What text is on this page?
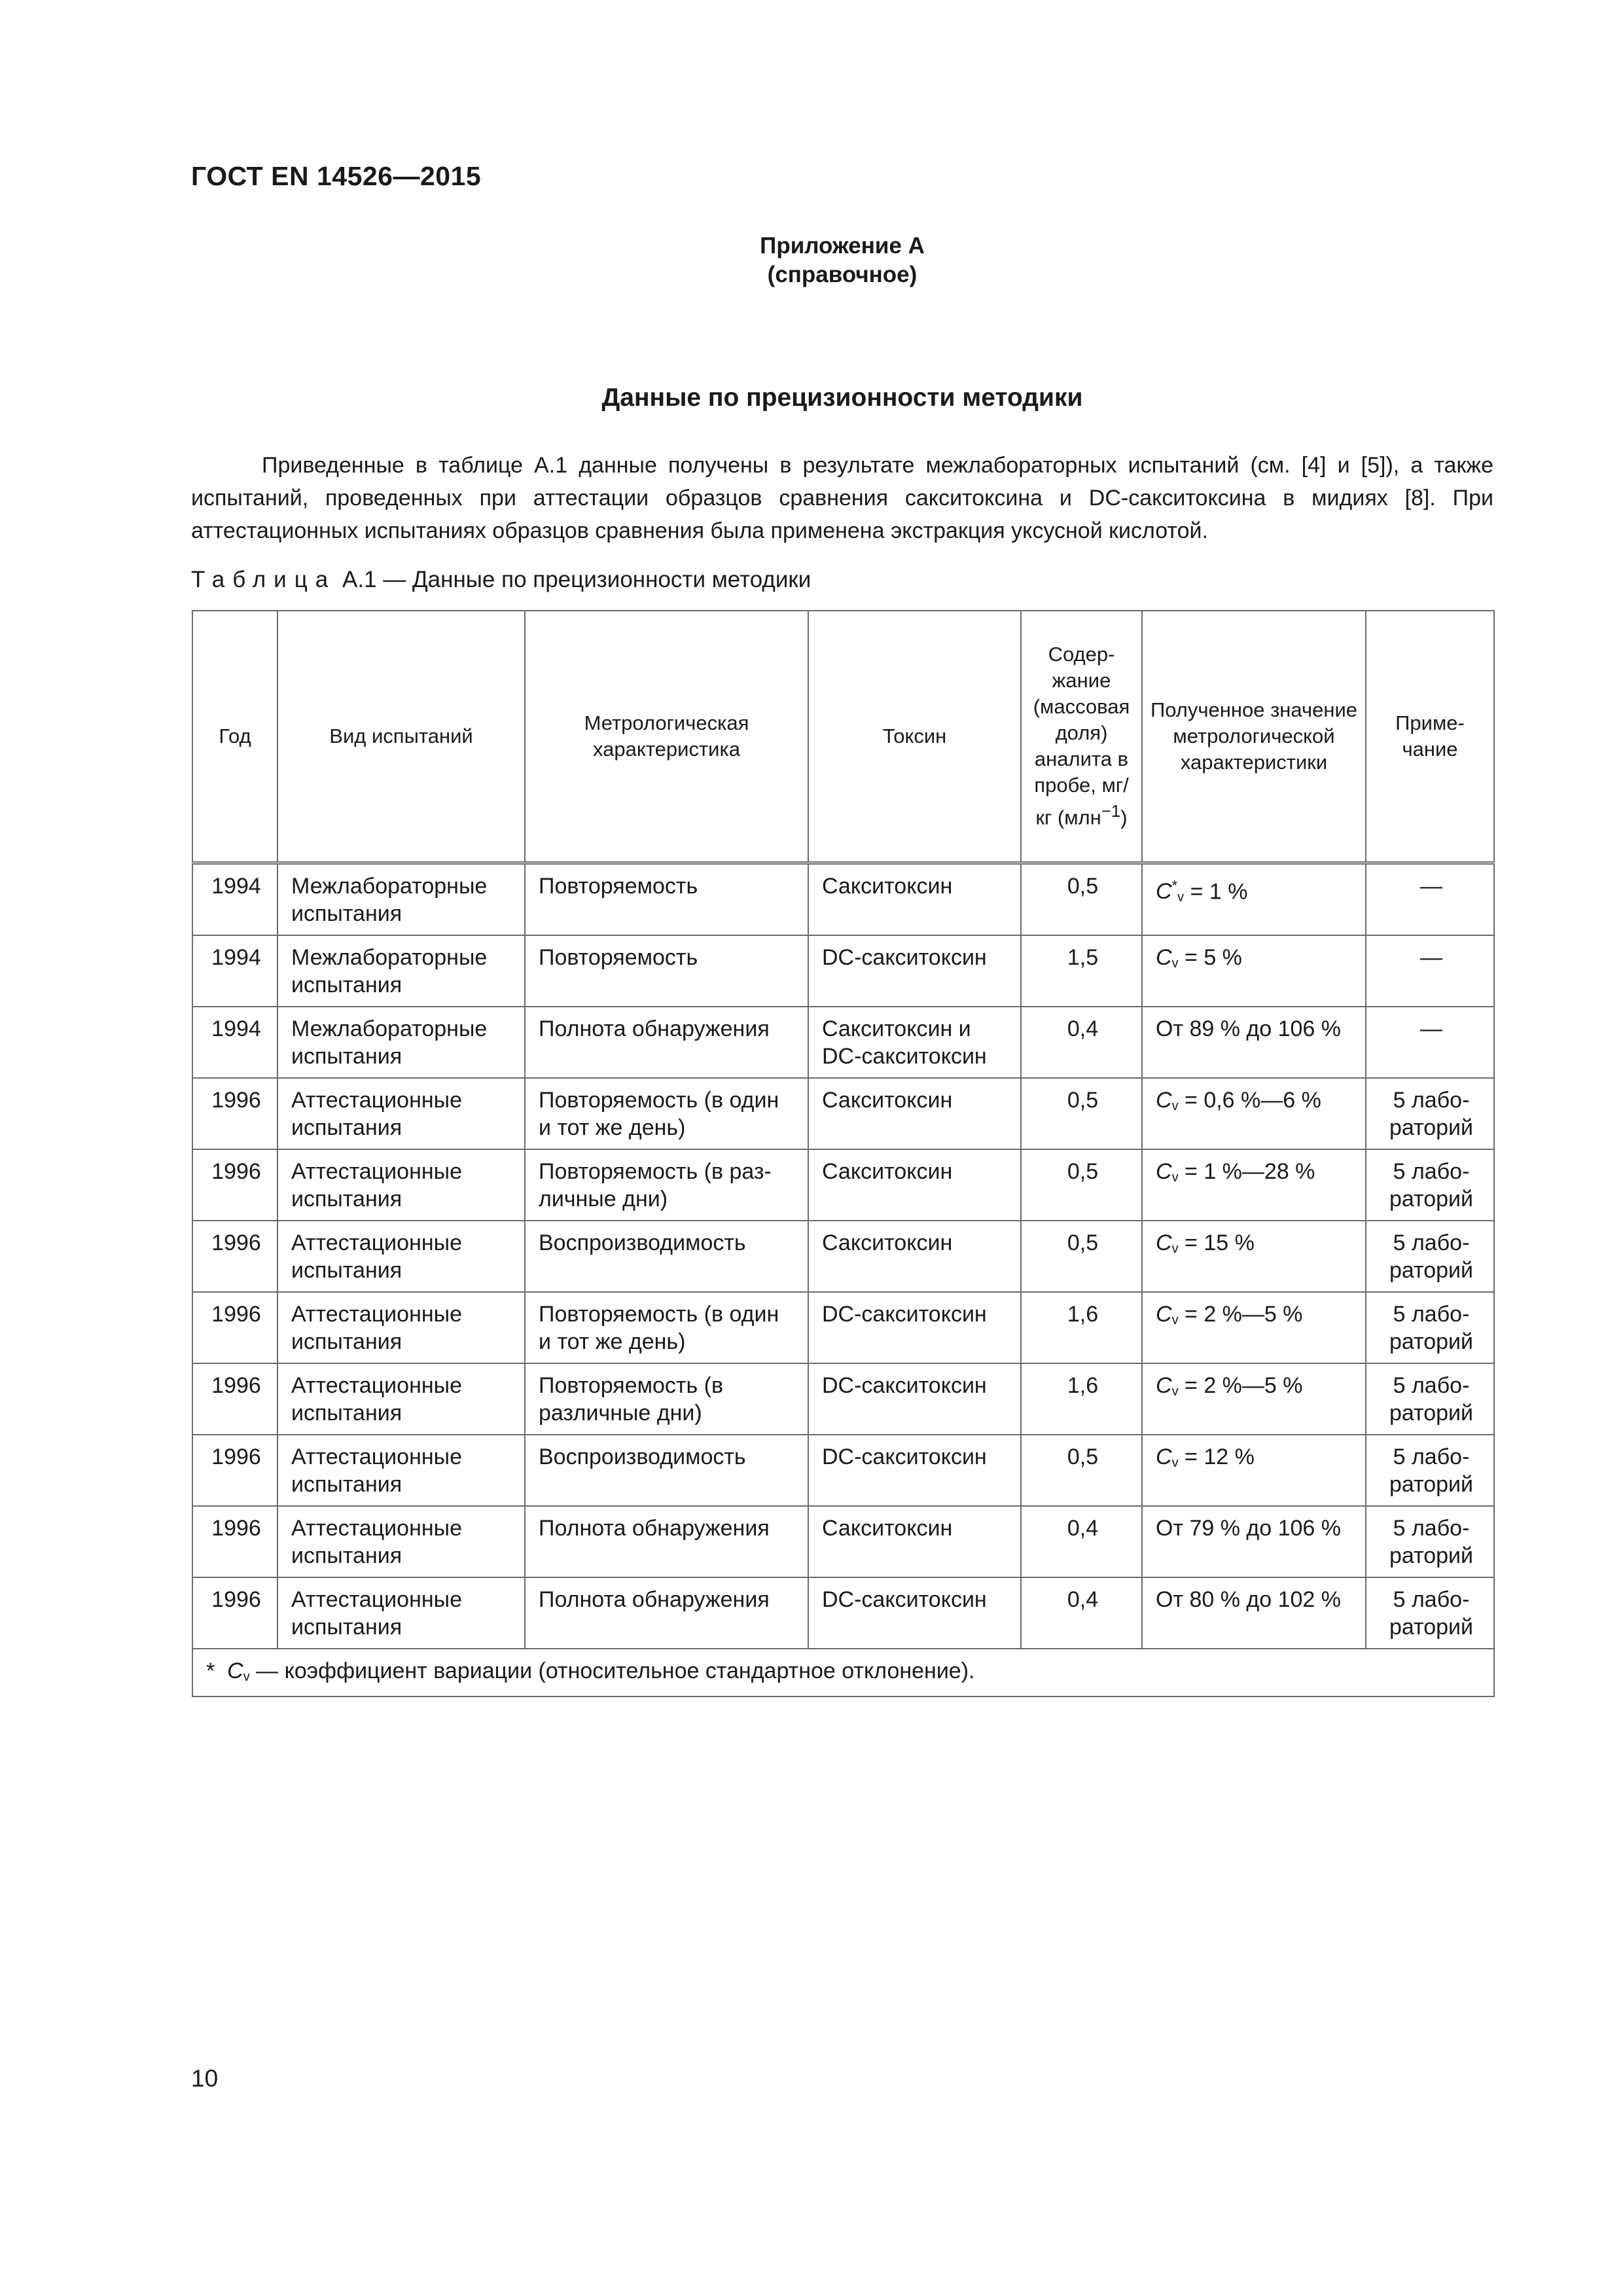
ГОСТ EN 14526—2015
Приложение А
(справочное)
Данные по прецизионности методики

Приведенные в таблице А.1 данные получены в результате межлабораторных испытаний (см. [4] и [5]), а также испытаний, проведенных при аттестации образцов сравнения сакситоксина и DC-сакситоксина в мидиях [8]. При аттестационных испытаниях образцов сравнения была применена экстракция уксусной кислотой.

Таблица А.1 — Данные по прецизионности методики
Год	Вид испытаний	Метрологическая характеристика	Токсин	Содер-жание (массовая доля) аналита в пробе, мг/кг (млн$^{-1}$)	Полученное значение метрологической характеристики	Приме-чание
1994	Межлабораторные испытания	Повторяемость	Сакситоксин	0,5	$C^*_v = 1$ %	—
1994	Межлабораторные испытания	Повторяемость	DC-сакситоксин	1,5	$C_v = 5$ %	—
1994	Межлабораторные испытания	Полнота обнаружения	Сакситоксин и DC-сакситоксин	0,4	От 89 % до 106 %	—
1996	Аттестационные испытания	Повторяемость (в один и тот же день)	Сакситоксин	0,5	$C_v = 0,6$ %—6 %	5 лабо-раторий
1996	Аттестационные испытания	Повторяемость (в раз-личные дни)	Сакситоксин	0,5	$C_v = 1$ %—28 %	5 лабо-раторий
1996	Аттестационные испытания	Воспроизводимость	Сакситоксин	0,5	$C_v = 15$ %	5 лабо-раторий
1996	Аттестационные испытания	Повторяемость (в один и тот же день)	DC-сакситоксин	1,6	$C_v = 2$ %—5 %	5 лабо-раторий
1996	Аттестационные испытания	Повторяемость (в различные дни)	DC-сакситоксин	1,6	$C_v = 2$ %—5 %	5 лабо-раторий
1996	Аттестационные испытания	Воспроизводимость	DC-сакситоксин	0,5	$C_v = 12$ %	5 лабо-раторий
1996	Аттестационные испытания	Полнота обнаружения	Сакситоксин	0,4	От 79 % до 106 %	5 лабо-раторий
1996	Аттестационные испытания	Полнота обнаружения	DC-сакситоксин	0,4	От 80 % до 102 %	5 лабо-раторий
* $C_v$ — коэффициент вариации (относительное стандартное отклонение).						
10
